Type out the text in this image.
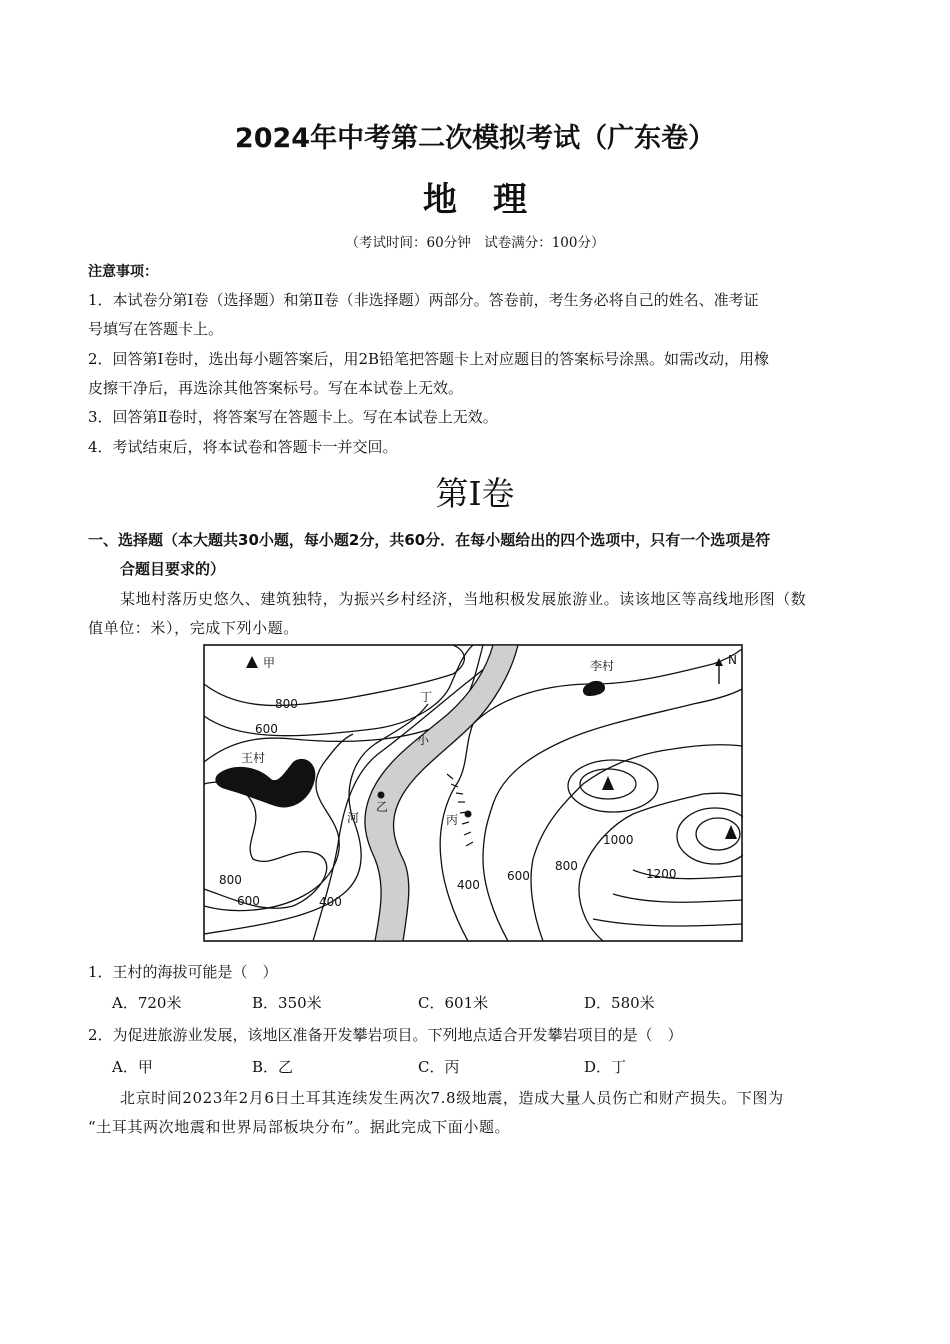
2024年中考第二次模拟考试（广东卷）
地理
（考试时间：60分钟　试卷满分：100分）
注意事项：
1．本试卷分第Ⅰ卷（选择题）和第Ⅱ卷（非选择题）两部分。答卷前，考生务必将自己的姓名、准考证
号填写在答题卡上。
2．回答第Ⅰ卷时，选出每小题答案后，用2B铅笔把答题卡上对应题目的答案标号涂黑。如需改动，用橡
皮擦干净后，再选涂其他答案标号。写在本试卷上无效。
3．回答第Ⅱ卷时，将答案写在答题卡上。写在本试卷上无效。
4．考试结束后，将本试卷和答题卡一并交回。
第Ⅰ卷
一、选择题（本大题共30小题，每小题2分，共60分．在每小题给出的四个选项中，只有一个选项是符
合题目要求的）
某地村落历史悠久、建筑独特，为振兴乡村经济，当地积极发展旅游业。读该地区等高线地形图（数
值单位：米），完成下列小题。
甲	李村	N
丁
小
王村
乙
河	丙
800
600
800
600	400
400
600
800
1000
1200
1．王村的海拔可能是（　）
A．720米	B．350米	C．601米	D．580米
2．为促进旅游业发展，该地区准备开发攀岩项目。下列地点适合开发攀岩项目的是（　）
A．甲	B．乙	C．丙	D．丁
北京时间2023年2月6日土耳其连续发生两次7.8级地震，造成大量人员伤亡和财产损失。下图为
“土耳其两次地震和世界局部板块分布”。据此完成下面小题。
